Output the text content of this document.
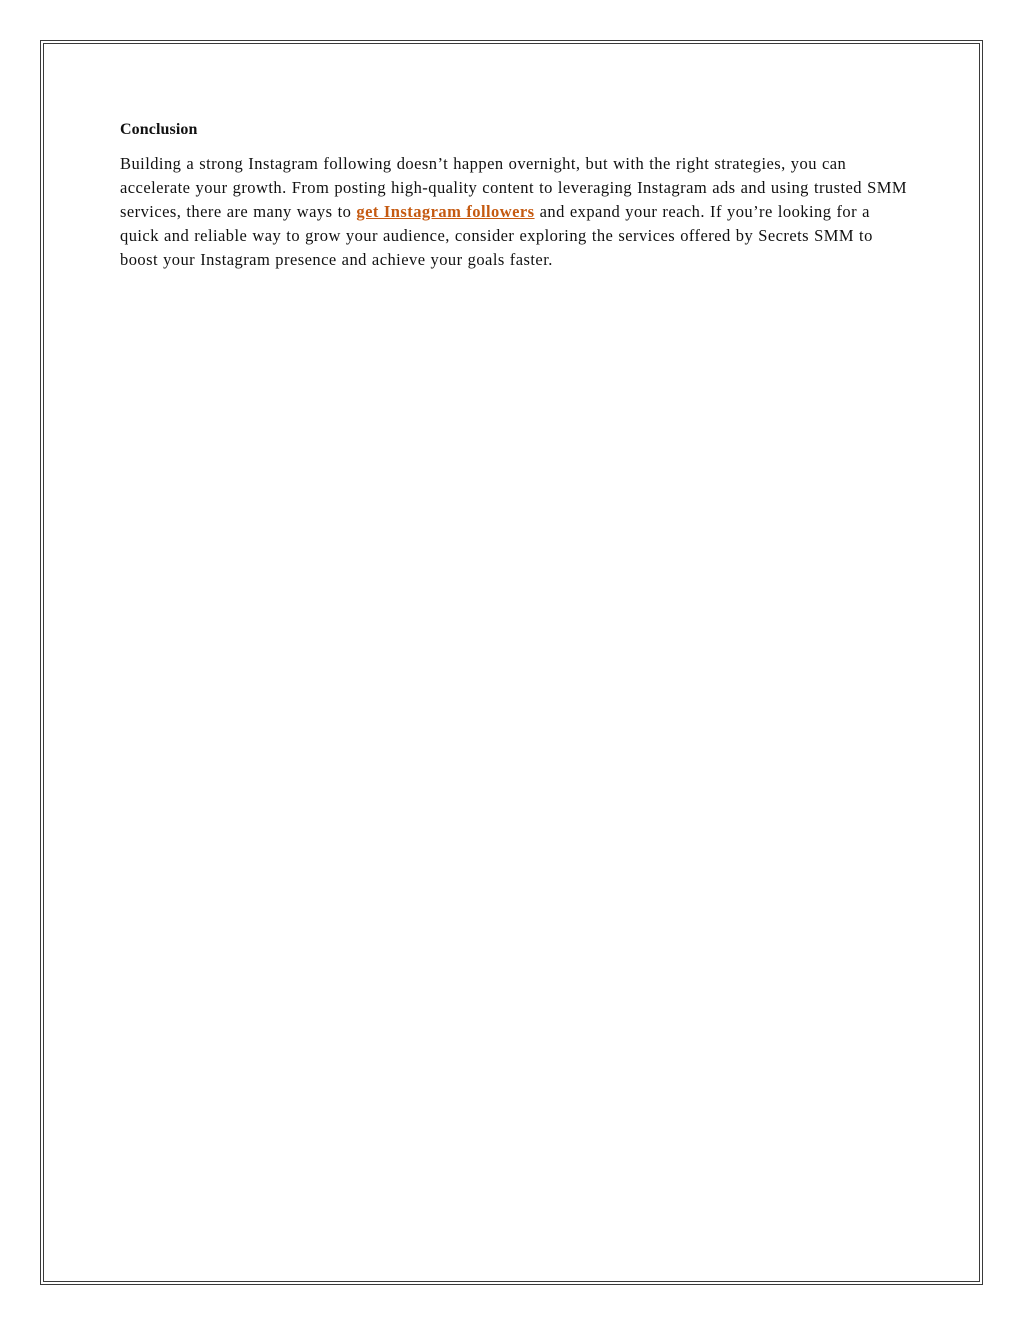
Conclusion

Building a strong Instagram following doesn’t happen overnight, but with the right strategies, you can accelerate your growth. From posting high-quality content to leveraging Instagram ads and using trusted SMM services, there are many ways to get Instagram followers and expand your reach. If you’re looking for a quick and reliable way to grow your audience, consider exploring the services offered by Secrets SMM to boost your Instagram presence and achieve your goals faster.
